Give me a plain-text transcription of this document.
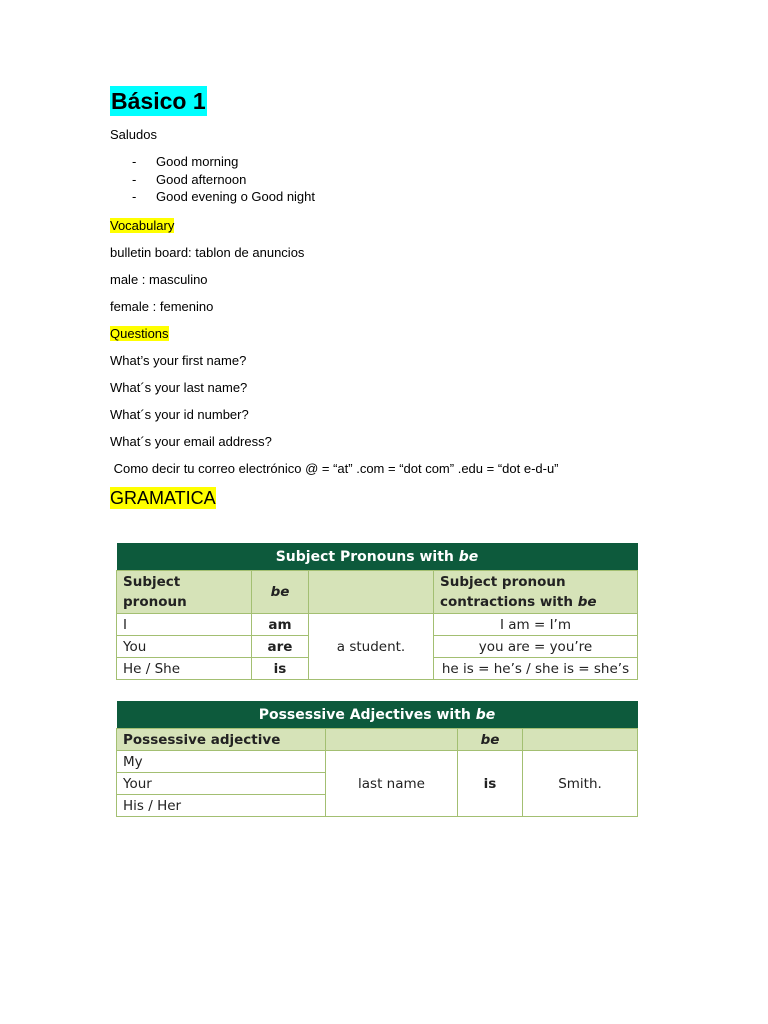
Básico 1

Saludos

- Good morning
- Good afternoon
- Good evening o Good night

Vocabulary

bulletin board: tablon de anuncios

male : masculino

female : femenino

Questions

What’s your first name?

What´s your last name?

What´s your id number?

What´s your email address?

Como decir tu correo electrónico @ = “at” .com = “dot com” .edu = “dot e-d-u”

GRAMATICA
Subject Pronouns with be			
Subject pronoun	be		Subject pronoun contractions with be
I	am	a student.	I am = I’m
You	are		you are = you’re
He / She	is		he is = he’s / she is = she’s
Possessive Adjectives with be			
Possessive adjective		be	
My	last name	is	Smith.
Your			
His / Her			
